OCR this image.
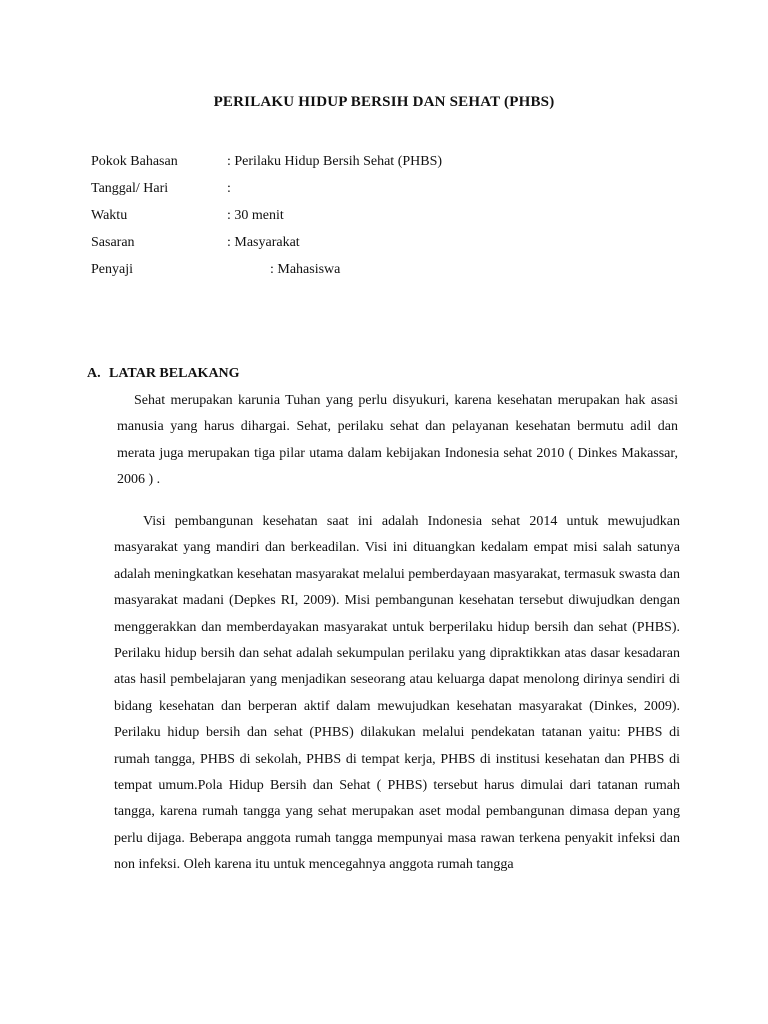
PERILAKU HIDUP BERSIH DAN SEHAT (PHBS)
Pokok Bahasan	: Perilaku Hidup Bersih Sehat (PHBS)
Tanggal/ Hari	:
Waktu	: 30 menit
Sasaran	: Masyarakat
Penyaji	: Mahasiswa
A. LATAR BELAKANG

Sehat merupakan karunia Tuhan yang perlu disyukuri, karena kesehatan merupakan hak asasi manusia yang harus dihargai. Sehat, perilaku sehat dan pelayanan kesehatan bermutu adil dan merata juga merupakan tiga pilar utama dalam kebijakan Indonesia sehat 2010 ( Dinkes Makassar, 2006 ) .

Visi pembangunan kesehatan saat ini adalah Indonesia sehat 2014 untuk mewujudkan masyarakat yang mandiri dan berkeadilan. Visi ini dituangkan kedalam empat misi salah satunya adalah meningkatkan kesehatan masyarakat melalui pemberdayaan masyarakat, termasuk swasta dan masyarakat madani (Depkes RI, 2009). Misi pembangunan kesehatan tersebut diwujudkan dengan menggerakkan dan memberdayakan masyarakat untuk berperilaku hidup bersih dan sehat (PHBS). Perilaku hidup bersih dan sehat adalah sekumpulan perilaku yang dipraktikkan atas dasar kesadaran atas hasil pembelajaran yang menjadikan seseorang atau keluarga dapat menolong dirinya sendiri di bidang kesehatan dan berperan aktif dalam mewujudkan kesehatan masyarakat (Dinkes, 2009). Perilaku hidup bersih dan sehat (PHBS) dilakukan melalui pendekatan tatanan yaitu: PHBS di rumah tangga, PHBS di sekolah, PHBS di tempat kerja, PHBS di institusi kesehatan dan PHBS di tempat umum.Pola Hidup Bersih dan Sehat ( PHBS) tersebut harus dimulai dari tatanan rumah tangga, karena rumah tangga yang sehat merupakan aset modal pembangunan dimasa depan yang perlu dijaga. Beberapa anggota rumah tangga mempunyai masa rawan terkena penyakit infeksi dan non infeksi. Oleh karena itu untuk mencegahnya anggota rumah tangga
